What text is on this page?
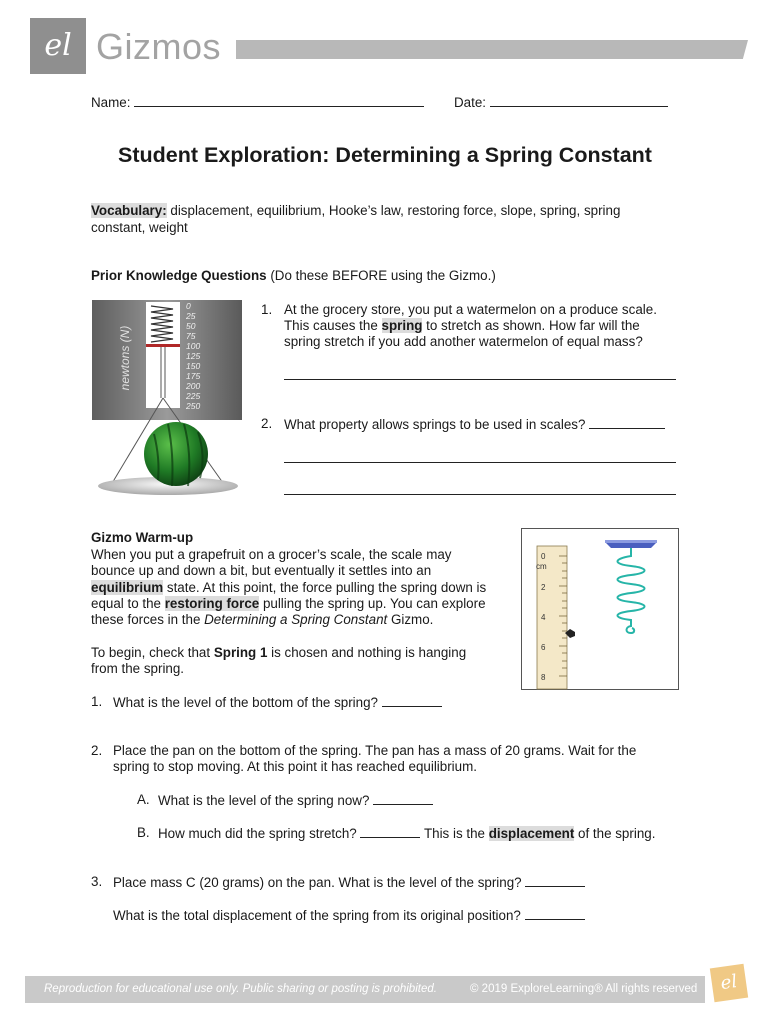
el Gizmos
Name:	Date:
Student Exploration: Determining a Spring Constant
Vocabulary: displacement, equilibrium, Hooke’s law, restoring force, slope, spring, spring
constant, weight
Prior Knowledge Questions (Do these BEFORE using the Gizmo.)
newtons (N)
0
25
50
75
100
125
150
175
200
225
250
1. At the grocery store, you put a watermelon on a produce scale.
This causes the spring to stretch as shown. How far will the
spring stretch if you add another watermelon of equal mass?
2. What property allows springs to be used in scales?
Gizmo Warm-up
When you put a grapefruit on a grocer’s scale, the scale may
bounce up and down a bit, but eventually it settles into an
equilibrium state. At this point, the force pulling the spring down is
equal to the restoring force pulling the spring up. You can explore
these forces in the Determining a Spring Constant Gizmo.
To begin, check that Spring 1 is chosen and nothing is hanging
from the spring.
0
cm
2
4
6
8
1. What is the level of the bottom of the spring?
2. Place the pan on the bottom of the spring. The pan has a mass of 20 grams. Wait for the
spring to stop moving. At this point it has reached equilibrium.
A. What is the level of the spring now?
B. How much did the spring stretch?	This is the displacement of the spring.
3. Place mass C (20 grams) on the pan. What is the level of the spring?
What is the total displacement of the spring from its original position?
Reproduction for educational use only. Public sharing or posting is prohibited.	© 2019 ExploreLearning® All rights reserved	el
